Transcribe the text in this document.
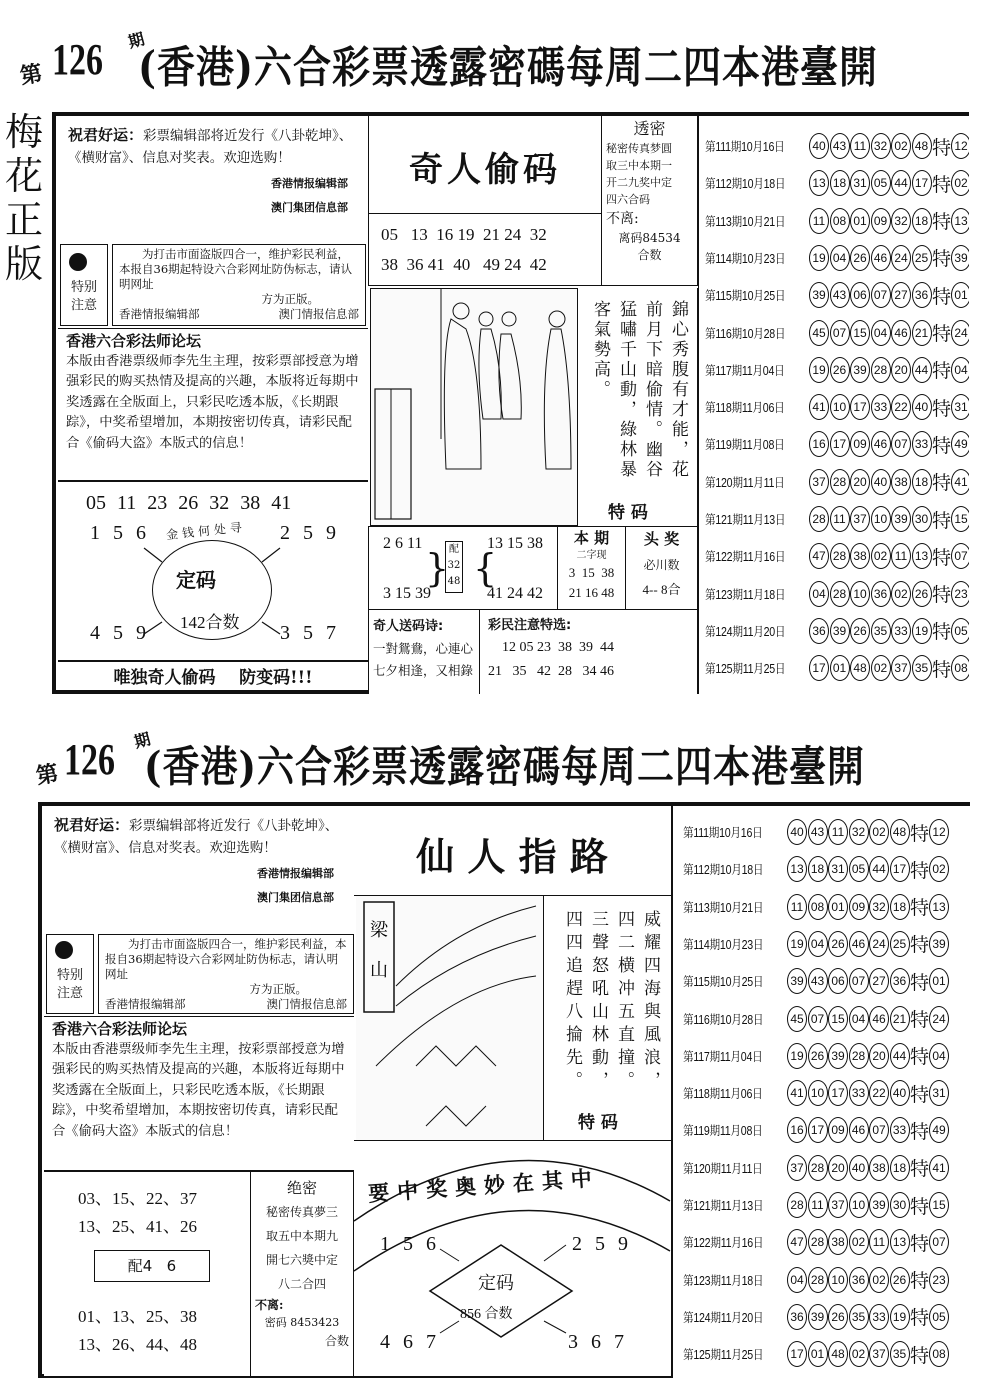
第 126 期
(香港)六合彩票透露密碼每周二四本港臺開
梅
花
正
版
祝君好运：彩票编辑部将近发行《八卦乾坤》、《横财富》、信息对奖表。欢迎选购！
香港情报编辑部
澳门集团信息部
特别
注意
为打击市面盗版四合一，维护彩民利益，本报自36期起特设六合彩网址防伪标志，请认明网址
方为正版。
香港情报编辑部	澳门情报信息部
香港六合彩法师论坛
本版由香港票级师李先生主理，按彩票部授意为增强彩民的购买热情及提高的兴趣，本版将近每期中奖透露在全版面上，只彩民吃透本版，《长期跟踪》，中奖希望增加，本期按密切传真，请彩民配合《偷码大盗》本版式的信息！
05 11 23 26 32 38 41
1 5 6	2 5 9
4 5 9	3 5 7
金钱何处寻
定码
142合数
唯独奇人偷码    防变码!!!
奇人偷码
05   13  16 19  21 24  32
38  36 41  40   49 24  42
透密
秘密传真梦圓
取三中本期一
开二九奖中定
四六合码
不离:
离码84534
合数
錦心秀腹有才能，花前月下暗偷情。幽谷猛嘯千山動，綠林暴客氣勢高。
特 码
2 6 11
3 15 39
} 配
32
48 {
13 15 38
41 24 42
本 期
二字现
3  15  38
21 16 48
头 奖
必川数
4-- 8合
奇人送码诗:
一對鴛鴦，心連心
七夕相逢，又相錄
彩民注意特选:
12 05 23  38  39  44
21   35   42  28   34 46
第111期10月16日	40 43 11 32 02 48 特 12
第112期10月18日	13 18 31 05 44 17 特 02
第113期10月21日	11 08 01 09 32 18 特 13
第114期10月23日	19 04 26 46 24 25 特 39
第115期10月25日	39 43 06 07 27 36 特 01
第116期10月28日	45 07 15 04 46 21 特 24
第117期11月04日	19 26 39 28 20 44 特 04
第118期11月06日	41 10 17 33 22 40 特 31
第119期11月08日	16 17 09 46 07 33 特 49
第120期11月11日	37 28 20 40 38 18 特 41
第121期11月13日	28 11 37 10 39 30 特 15
第122期11月16日	47 28 38 02 11 13 特 07
第123期11月18日	04 28 10 36 02 26 特 23
第124期11月20日	36 39 26 35 33 19 特 05
第125期11月25日	17 01 48 02 37 35 特 08
第 126 期
(香港)六合彩票透露密碼每周二四本港臺開
祝君好运：彩票编辑部将近发行《八卦乾坤》、《横财富》、信息对奖表。欢迎选购！
香港情报编辑部
澳门集团信息部
特别
注意
为打击市面盗版四合一，维护彩民利益，本报自36期起特设六合彩网址防伪标志，请认明网址
方为正版。
香港情报编辑部	澳门情报信息部
香港六合彩法师论坛
本版由香港票级师李先生主理，按彩票部授意为增强彩民的购买热情及提高的兴趣，本版将近每期中奖透露在全版面上，只彩民吃透本版，《长期跟踪》，中奖希望增加，本期按密切传真，请彩民配合《偷码大盗》本版式的信息！
03、15、22、37
13、25、41、26
配4   6
01、13、25、38
13、26、44、48
绝密
秘密传真夢三
取五中本期九
開七六獎中定
八二合四
不离:
密码 8453423
合数
仙 人 指 路
梁
山	威耀四海與風浪，四二横冲五直撞。三聲怒吼山林動，四四追趕八掄先。
特 码
要中奖奥妙在其中
1 5 6	2 5 9
4 6 7	3 6 7
定码
856 合数
第111期10月16日	40 43 11 32 02 48 特 12
第112期10月18日	13 18 31 05 44 17 特 02
第113期10月21日	11 08 01 09 32 18 特 13
第114期10月23日	19 04 26 46 24 25 特 39
第115期10月25日	39 43 06 07 27 36 特 01
第116期10月28日	45 07 15 04 46 21 特 24
第117期11月04日	19 26 39 28 20 44 特 04
第118期11月06日	41 10 17 33 22 40 特 31
第119期11月08日	16 17 09 46 07 33 特 49
第120期11月11日	37 28 20 40 38 18 特 41
第121期11月13日	28 11 37 10 39 30 特 15
第122期11月16日	47 28 38 02 11 13 特 07
第123期11月18日	04 28 10 36 02 26 特 23
第124期11月20日	36 39 26 35 33 19 特 05
第125期11月25日	17 01 48 02 37 35 特 08
